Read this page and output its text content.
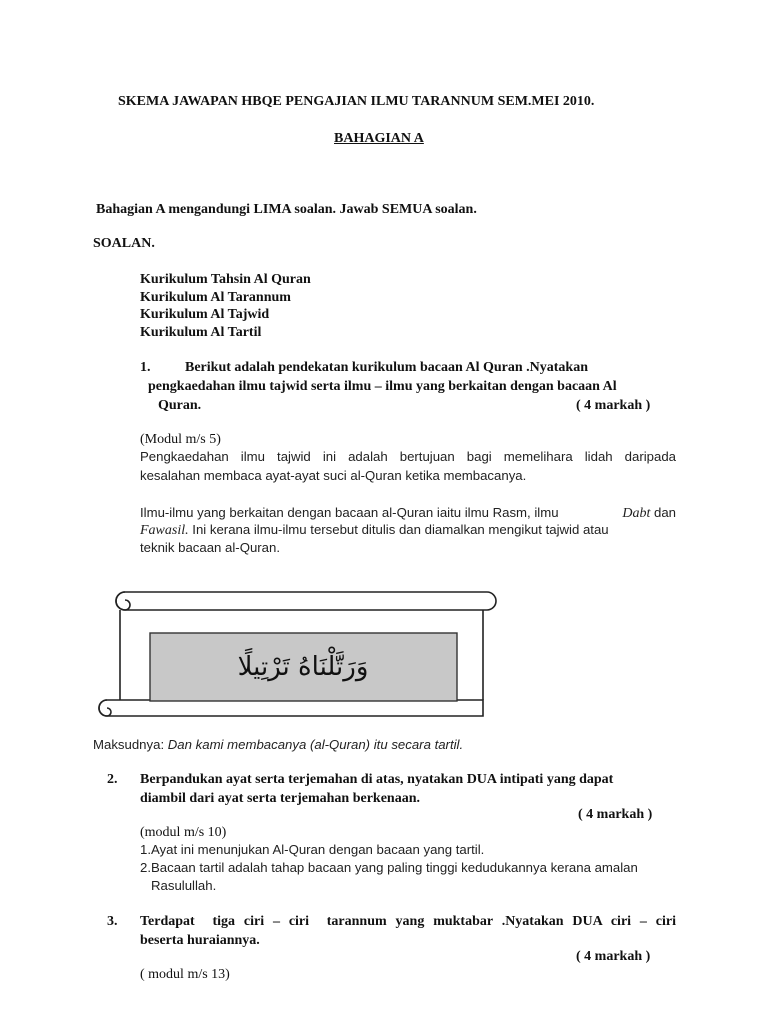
SKEMA JAWAPAN HBQE PENGAJIAN ILMU TARANNUM SEM.MEI 2010.
BAHAGIAN A
Bahagian A mengandungi LIMA soalan. Jawab SEMUA soalan.
SOALAN.
Kurikulum Tahsin Al Quran
Kurikulum Al Tarannum
Kurikulum Al Tajwid
Kurikulum Al Tartil
1. Berikut adalah pendekatan kurikulum bacaan Al Quran .Nyatakan
pengkaedahan ilmu tajwid serta ilmu – ilmu yang berkaitan dengan bacaan Al
Quran.	( 4 markah )
(Modul m/s 5)
Pengkaedahan ilmu tajwid ini adalah bertujuan bagi memelihara lidah daripada
kesalahan membaca ayat-ayat suci al-Quran ketika membacanya.
Ilmu-ilmu yang berkaitan dengan bacaan al-Quran iaitu ilmu Rasm, ilmu	Dabt dan
Fawasil. Ini kerana ilmu-ilmu tersebut ditulis dan diamalkan mengikut tajwid atau
teknik bacaan al-Quran.
وَرَتَّلْنَاهُ تَرْتِيلًا
Maksudnya: Dan kami membacanya (al-Quran) itu secara tartil.
2. Berpandukan ayat serta terjemahan di atas, nyatakan DUA intipati yang dapat
diambil dari ayat serta terjemahan berkenaan.
( 4 markah )
(modul m/s 10)
1.Ayat ini menunjukan Al-Quran dengan bacaan yang tartil.
2.Bacaan tartil adalah tahap bacaan yang paling tinggi kedudukannya kerana amalan
Rasulullah.
3. Terdapat  tiga ciri – ciri  tarannum yang muktabar .Nyatakan DUA ciri – ciri
beserta huraiannya.
( 4 markah )
( modul m/s 13)
